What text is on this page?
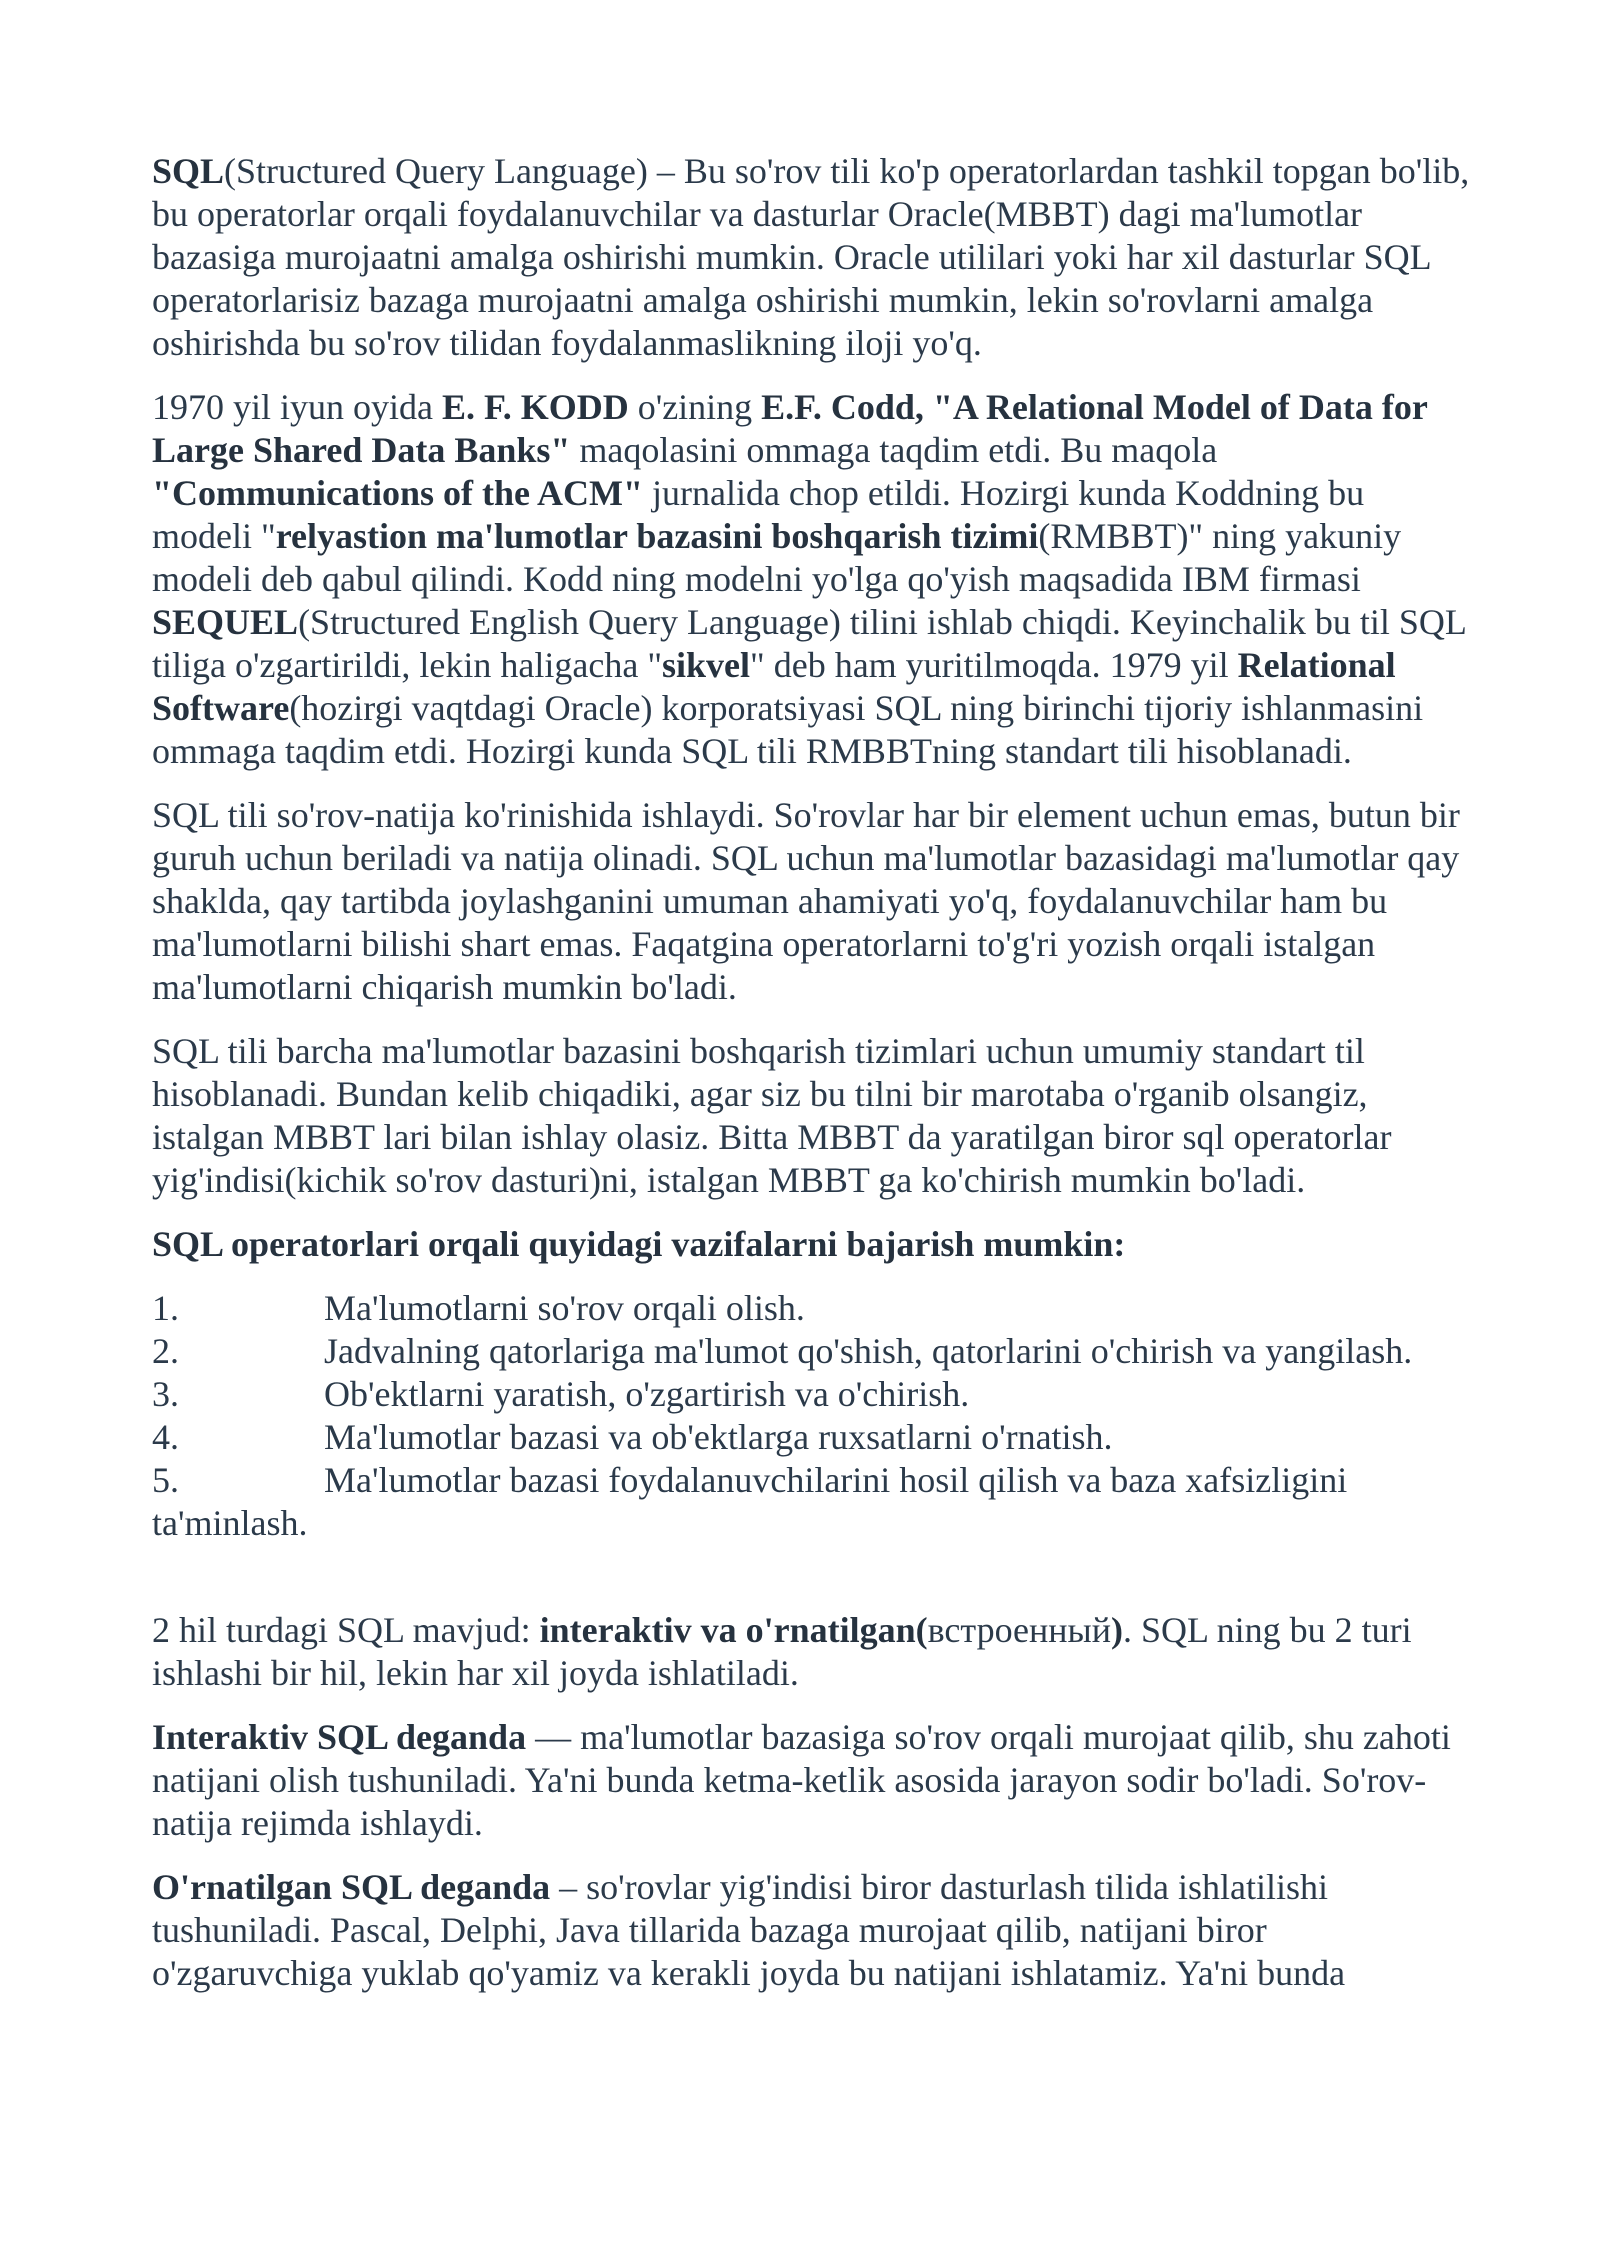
SQL(Structured Query Language) – Bu so'rov tili ko'p operatorlardan tashkil topgan bo'lib, bu operatorlar orqali foydalanuvchilar va dasturlar Oracle(MBBT) dagi ma'lumotlar bazasiga murojaatni amalga oshirishi mumkin. Oracle utililari yoki har xil dasturlar SQL operatorlarisiz bazaga murojaatni amalga oshirishi mumkin, lekin so'rovlarni amalga oshirishda bu so'rov tilidan foydalanmaslikning iloji yo'q.

1970 yil iyun oyida E. F. KODD o'zining E.F. Codd, "A Relational Model of Data for Large Shared Data Banks" maqolasini ommaga taqdim etdi. Bu maqola "Communications of the ACM" jurnalida chop etildi. Hozirgi kunda Koddning bu modeli "relyastion ma'lumotlar bazasini boshqarish tizimi(RMBBT)" ning yakuniy modeli deb qabul qilindi. Kodd ning modelni yo'lga qo'yish maqsadida IBM firmasi SEQUEL(Structured English Query Language) tilini ishlab chiqdi. Keyinchalik bu til SQL tiliga o'zgartirildi, lekin haligacha "sikvel" deb ham yuritilmoqda. 1979 yil Relational Software(hozirgi vaqtdagi Oracle) korporatsiyasi SQL ning birinchi tijoriy ishlanmasini ommaga taqdim etdi. Hozirgi kunda SQL tili RMBBTning standart tili hisoblanadi.

SQL tili so'rov-natija ko'rinishida ishlaydi. So'rovlar har bir element uchun emas, butun bir guruh uchun beriladi va natija olinadi. SQL uchun ma'lumotlar bazasidagi ma'lumotlar qay shaklda, qay tartibda joylashganini umuman ahamiyati yo'q, foydalanuvchilar ham bu ma'lumotlarni bilishi shart emas. Faqatgina operatorlarni to'g'ri yozish orqali istalgan ma'lumotlarni chiqarish mumkin bo'ladi.

SQL tili barcha ma'lumotlar bazasini boshqarish tizimlari uchun umumiy standart til hisoblanadi. Bundan kelib chiqadiki, agar siz bu tilni bir marotaba o'rganib olsangiz, istalgan MBBT lari bilan ishlay olasiz. Bitta MBBT da yaratilgan biror sql operatorlar yig'indisi(kichik so'rov dasturi)ni, istalgan MBBT ga ko'chirish mumkin bo'ladi.

SQL operatorlari orqali quyidagi vazifalarni bajarish mumkin:

1.	Ma'lumotlarni so'rov orqali olish.
2.	Jadvalning qatorlariga ma'lumot qo'shish, qatorlarini o'chirish va yangilash.
3.	Ob'ektlarni yaratish, o'zgartirish va o'chirish.
4.	Ma'lumotlar bazasi va ob'ektlarga ruxsatlarni o'rnatish.
5.	Ma'lumotlar bazasi foydalanuvchilarini hosil qilish va baza xafsizligini ta'minlash.

2 hil turdagi SQL mavjud: interaktiv va o'rnatilgan(встроенный). SQL ning bu 2 turi ishlashi bir hil, lekin har xil joyda ishlatiladi.

Interaktiv SQL deganda — ma'lumotlar bazasiga so'rov orqali murojaat qilib, shu zahoti natijani olish tushuniladi. Ya'ni bunda ketma-ketlik asosida jarayon sodir bo'ladi. So'rov-natija rejimda ishlaydi.

O'rnatilgan SQL deganda – so'rovlar yig'indisi biror dasturlash tilida ishlatilishi tushuniladi. Pascal, Delphi, Java tillarida bazaga murojaat qilib, natijani biror o'zgaruvchiga yuklab qo'yamiz va kerakli joyda bu natijani ishlatamiz. Ya'ni bunda
